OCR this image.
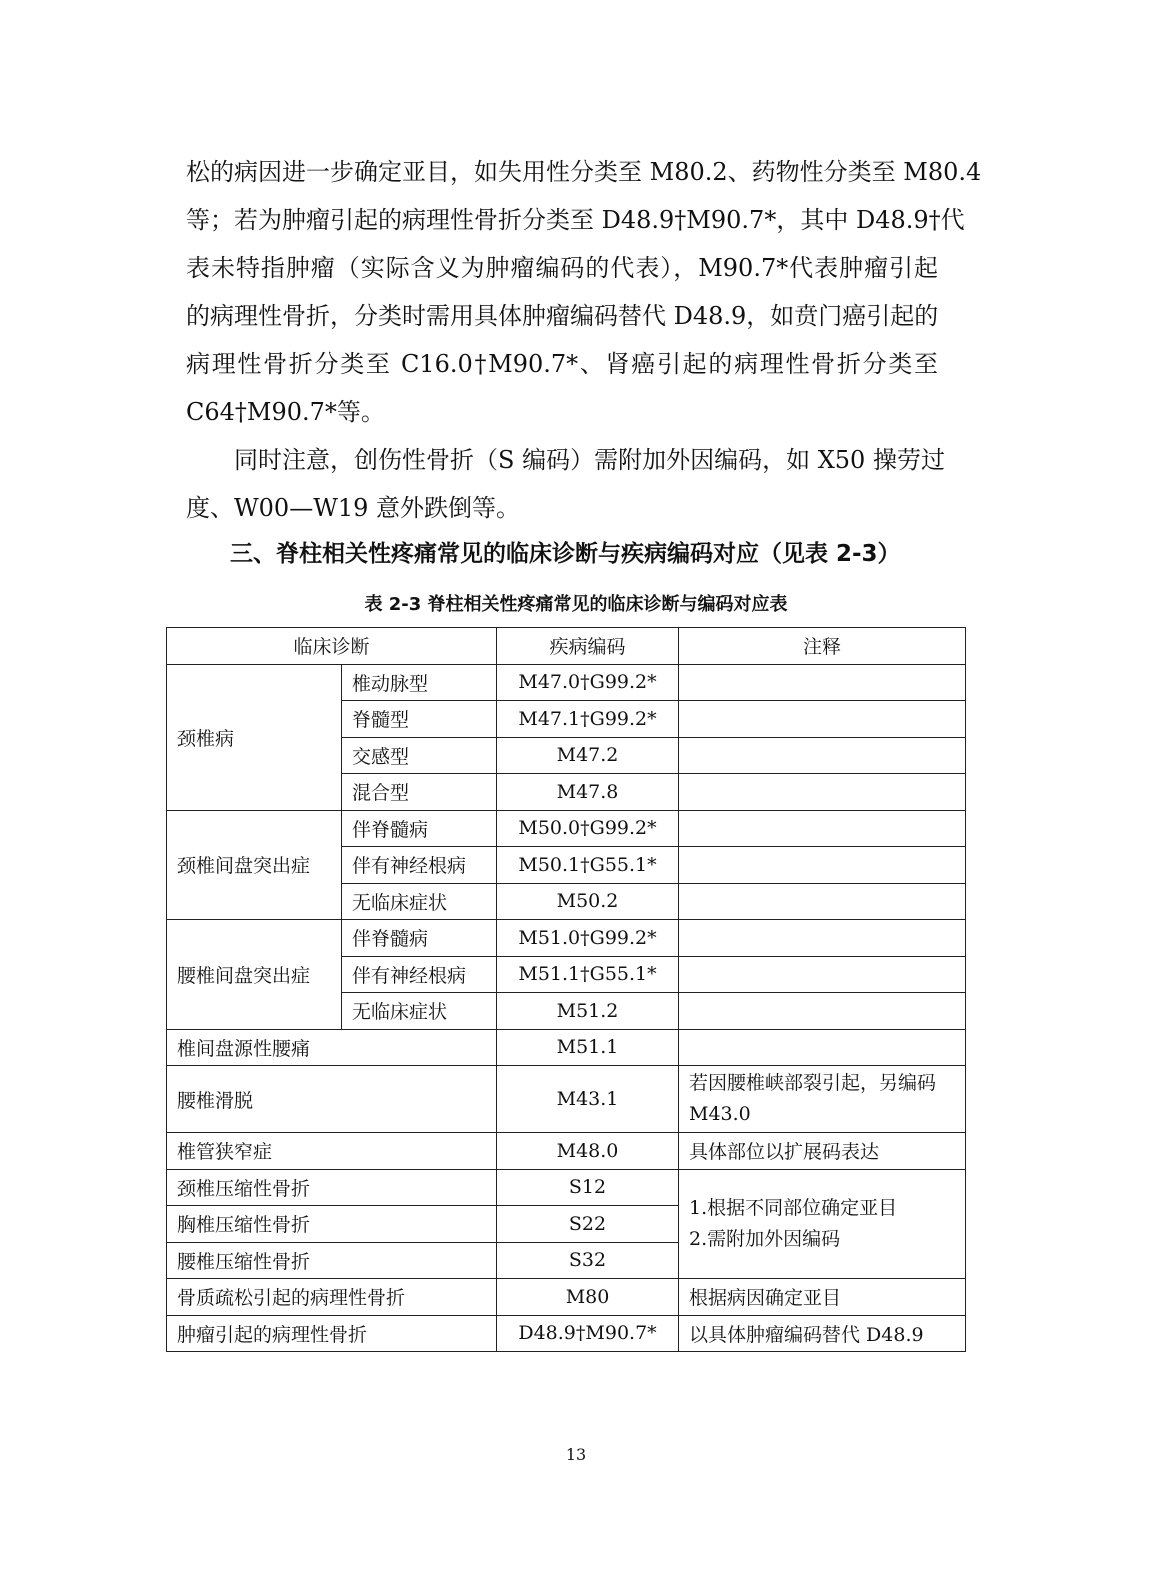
松的病因进一步确定亚目，如失用性分类至 M80.2、药物性分类至 M80.4
等；若为肿瘤引起的病理性骨折分类至 D48.9†M90.7*，其中 D48.9†代
表未特指肿瘤（实际含义为肿瘤编码的代表），M90.7*代表肿瘤引起
的病理性骨折，分类时需用具体肿瘤编码替代 D48.9，如贲门癌引起的
病理性骨折分类至 C16.0†M90.7*、肾癌引起的病理性骨折分类至
C64†M90.7*等。
同时注意，创伤性骨折（S 编码）需附加外因编码，如 X50 操劳过
度、W00—W19 意外跌倒等。
三、脊柱相关性疼痛常见的临床诊断与疾病编码对应（见表 2-3）
表 2-3 脊柱相关性疼痛常见的临床诊断与编码对应表
临床诊断		疾病编码	注释
颈椎病	椎动脉型	M47.0†G99.2*	
	脊髓型	M47.1†G99.2*	
	交感型	M47.2	
	混合型	M47.8	
颈椎间盘突出症	伴脊髓病	M50.0†G99.2*	
	伴有神经根病	M50.1†G55.1*	
	无临床症状	M50.2	
腰椎间盘突出症	伴脊髓病	M51.0†G99.2*	
	伴有神经根病	M51.1†G55.1*	
	无临床症状	M51.2	
椎间盘源性腰痛		M51.1	
腰椎滑脱		M43.1	若因腰椎峡部裂引起，另编码 M43.0
椎管狭窄症		M48.0	具体部位以扩展码表达
颈椎压缩性骨折		S12	1.根据不同部位确定亚目
2.需附加外因编码

胸椎压缩性骨折		S22	
腰椎压缩性骨折		S32	
骨质疏松引起的病理性骨折		M80	根据病因确定亚目
肿瘤引起的病理性骨折		D48.9†M90.7*	以具体肿瘤编码替代 D48.9
13
